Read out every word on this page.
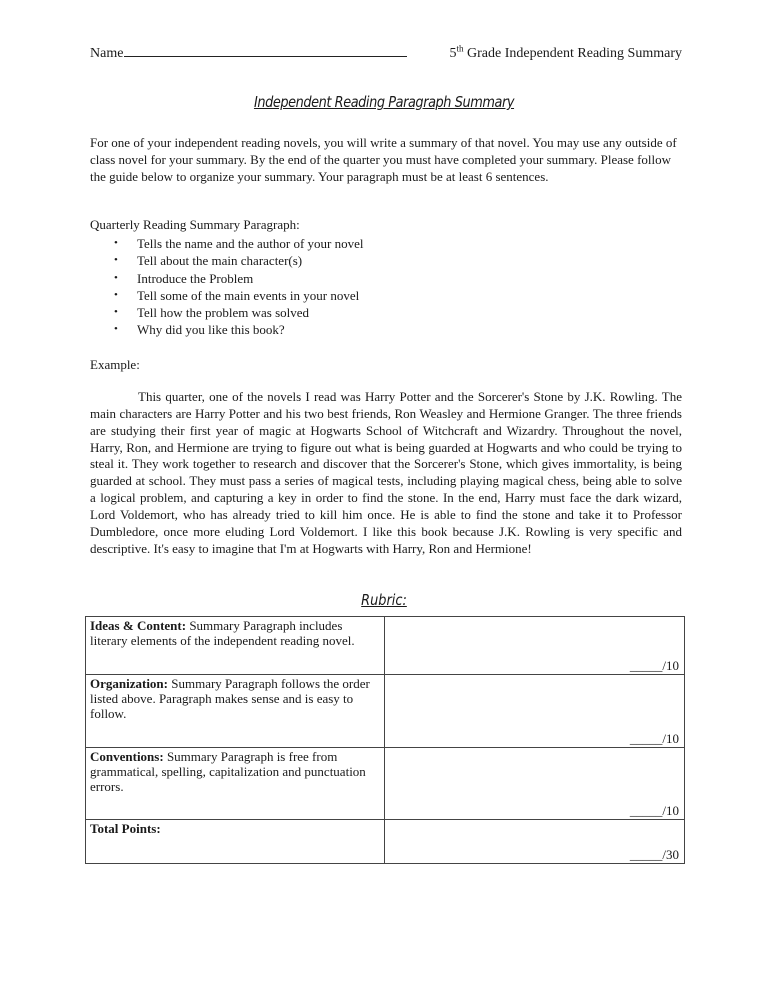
Name	5th Grade Independent Reading Summary
Independent Reading Paragraph Summary
For one of your independent reading novels, you will write a summary of that novel. You may use any outside of class novel for your summary. By the end of the quarter you must have completed your summary. Please follow the guide below to organize your summary. Your paragraph must be at least 6 sentences.
Quarterly Reading Summary Paragraph:
• Tells the name and the author of your novel
• Tell about the main character(s)
• Introduce the Problem
• Tell some of the main events in your novel
• Tell how the problem was solved
• Why did you like this book?
Example:
This quarter, one of the novels I read was Harry Potter and the Sorcerer's Stone by J.K. Rowling. The main characters are Harry Potter and his two best friends, Ron Weasley and Hermione Granger. The three friends are studying their first year of magic at Hogwarts School of Witchcraft and Wizardry. Throughout the novel, Harry, Ron, and Hermione are trying to figure out what is being guarded at Hogwarts and who could be trying to steal it. They work together to research and discover that the Sorcerer's Stone, which gives immortality, is being guarded at school. They must pass a series of magical tests, including playing magical chess, being able to solve a logical problem, and capturing a key in order to find the stone. In the end, Harry must face the dark wizard, Lord Voldemort, who has already tried to kill him once. He is able to find the stone and take it to Professor Dumbledore, once more eluding Lord Voldemort. I like this book because J.K. Rowling is very specific and descriptive. It's easy to imagine that I'm at Hogwarts with Harry, Ron and Hermione!
Rubric:
Ideas & Content: Summary Paragraph includes literary elements of the independent reading novel.	_____/10

Organization: Summary Paragraph follows the order listed above. Paragraph makes sense and is easy to follow.	_____/10

Conventions: Summary Paragraph is free from grammatical, spelling, capitalization and punctuation errors.	_____/10

Total Points:	_____/30
